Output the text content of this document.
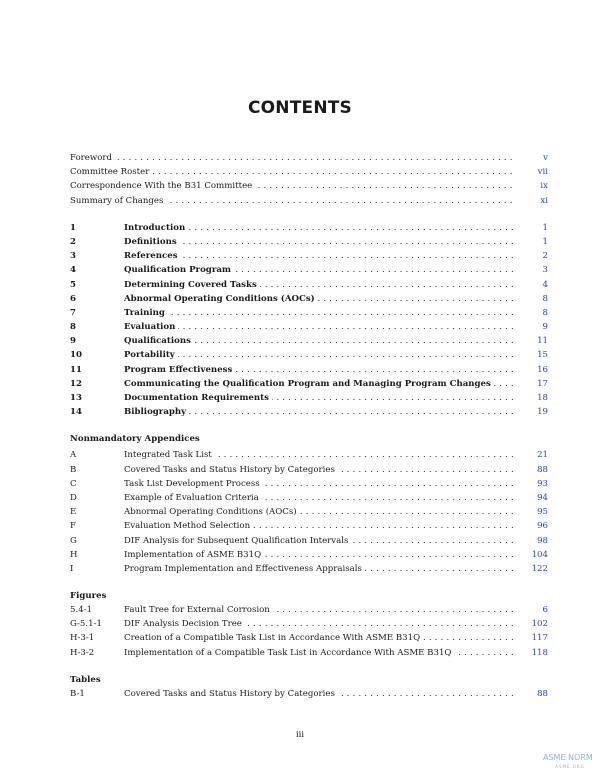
CONTENTS
Foreword . . .	v
Committee Roster . . .	vii
Correspondence With the B31 Committee . . .	ix
Summary of Changes . . .	xi
1	Introduction . . .	1
2	Definitions . . .	1
3	References . . .	2
4	Qualification Program . . .	3
5	Determining Covered Tasks . . .	4
6	Abnormal Operating Conditions (AOCs) . . .	8
7	Training . . .	8
8	Evaluation . . .	9
9	Qualifications . . .	11
10	Portability . . .	15
11	Program Effectiveness . . .	16
12	Communicating the Qualification Program and Managing Program Changes . . .	17
13	Documentation Requirements . . .	18
14	Bibliography . . .	19
Nonmandatory Appendices
A	Integrated Task List . . .	21
B	Covered Tasks and Status History by Categories . . .	88
C	Task List Development Process . . .	93
D	Example of Evaluation Criteria . . .	94
E	Abnormal Operating Conditions (AOCs) . . .	95
F	Evaluation Method Selection . . .	96
G	DIF Analysis for Subsequent Qualification Intervals . . .	98
H	Implementation of ASME B31Q . . .	104
I	Program Implementation and Effectiveness Appraisals . . .	122
Figures
5.4-1	Fault Tree for External Corrosion . . .	6
G-5.1-1	DIF Analysis Decision Tree . . .	102
H-3-1	Creation of a Compatible Task List in Accordance With ASME B31Q . . .	117
H-3-2	Implementation of a Compatible Task List in Accordance With ASME B31Q . . .	118
Tables
B-1	Covered Tasks and Status History by Categories . . .	88
iii
ASME NORM
ASME.ORG
